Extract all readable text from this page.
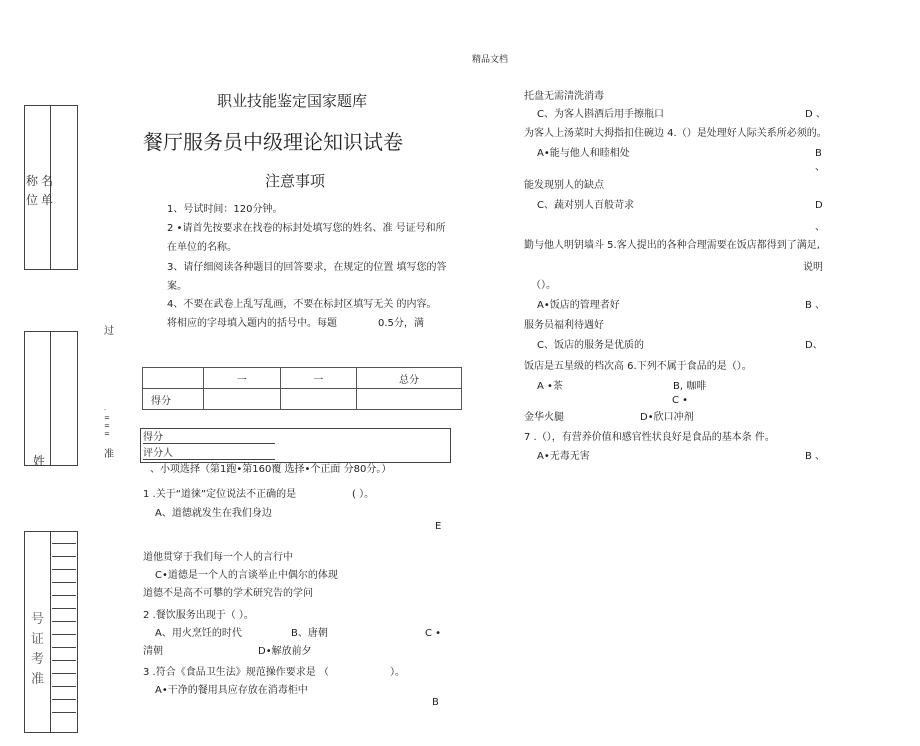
精品文档
称 名
位 单
姓
过
·
=
=
=
准
号
证
考
准
职业技能鉴定国家题库
餐厅服务员中级理论知识试卷
注意事项
1、号试时间：120分钟。
2 •请首先按要求在找卷的标封处填写您的姓名、准 号证号和所
在单位的名称。
3、请仔细阅读各种题目的回答要求，在规定的位置 填写您的答
案。
4、不要在武卷上乱写乱画，不要在标封区填写无关 的内容。
将相应的字母填入题内的括号中。每题	0.5分，满
	一	一	总分
得分			
得分
评分人
、小项选择（第1跑•第160覆 选择•个正面 分80分。）
1 .关于“道徕”定位说法不正确的是	( ）。
A、道德就发生在我们身边
E
道他贯穿于我们每一个人的言行中
C•道德是一个人的言谈举止中偶尔的体现
道德不是高不可攀的学术研究告的学问
2 .餐饮服务出现于（ ）。
A、用火烹饪的时代	B、唐朝	C •
清朝	D•解放前夕
3 .符合《食品卫生法》规范操作要求是 （	）。
A•干净的餐用具应存放在消毒柜中
B
托盘无需清洗消毒
C、为客人斟酒后用手擦瓶口	D 、
为客人上汤菜时大拇指扣住碗边 4.（）是处理好人际关系所必须的。
A•能与他人和睦相处	B
、
能发现别人的缺点
C、蔬对别人百般苛求	D
、
勤与他人明钥墙斗 5.客人提出的各种合理需要在饭店都得到了满足,
说明
（）。
A•饭店的管理者好	B 、
服务员福利待遇好
C、饭店的服务是优质的	D、
饭店是五星级的档次高 6.下列不属于食品的是（）。
A •茶	B, 咖啡
C •
金华火腿	D•欣口冲剂
7 .（），有营养价值和感官性状良好是食品的基本条 件。
A•无毒无害	B 、
